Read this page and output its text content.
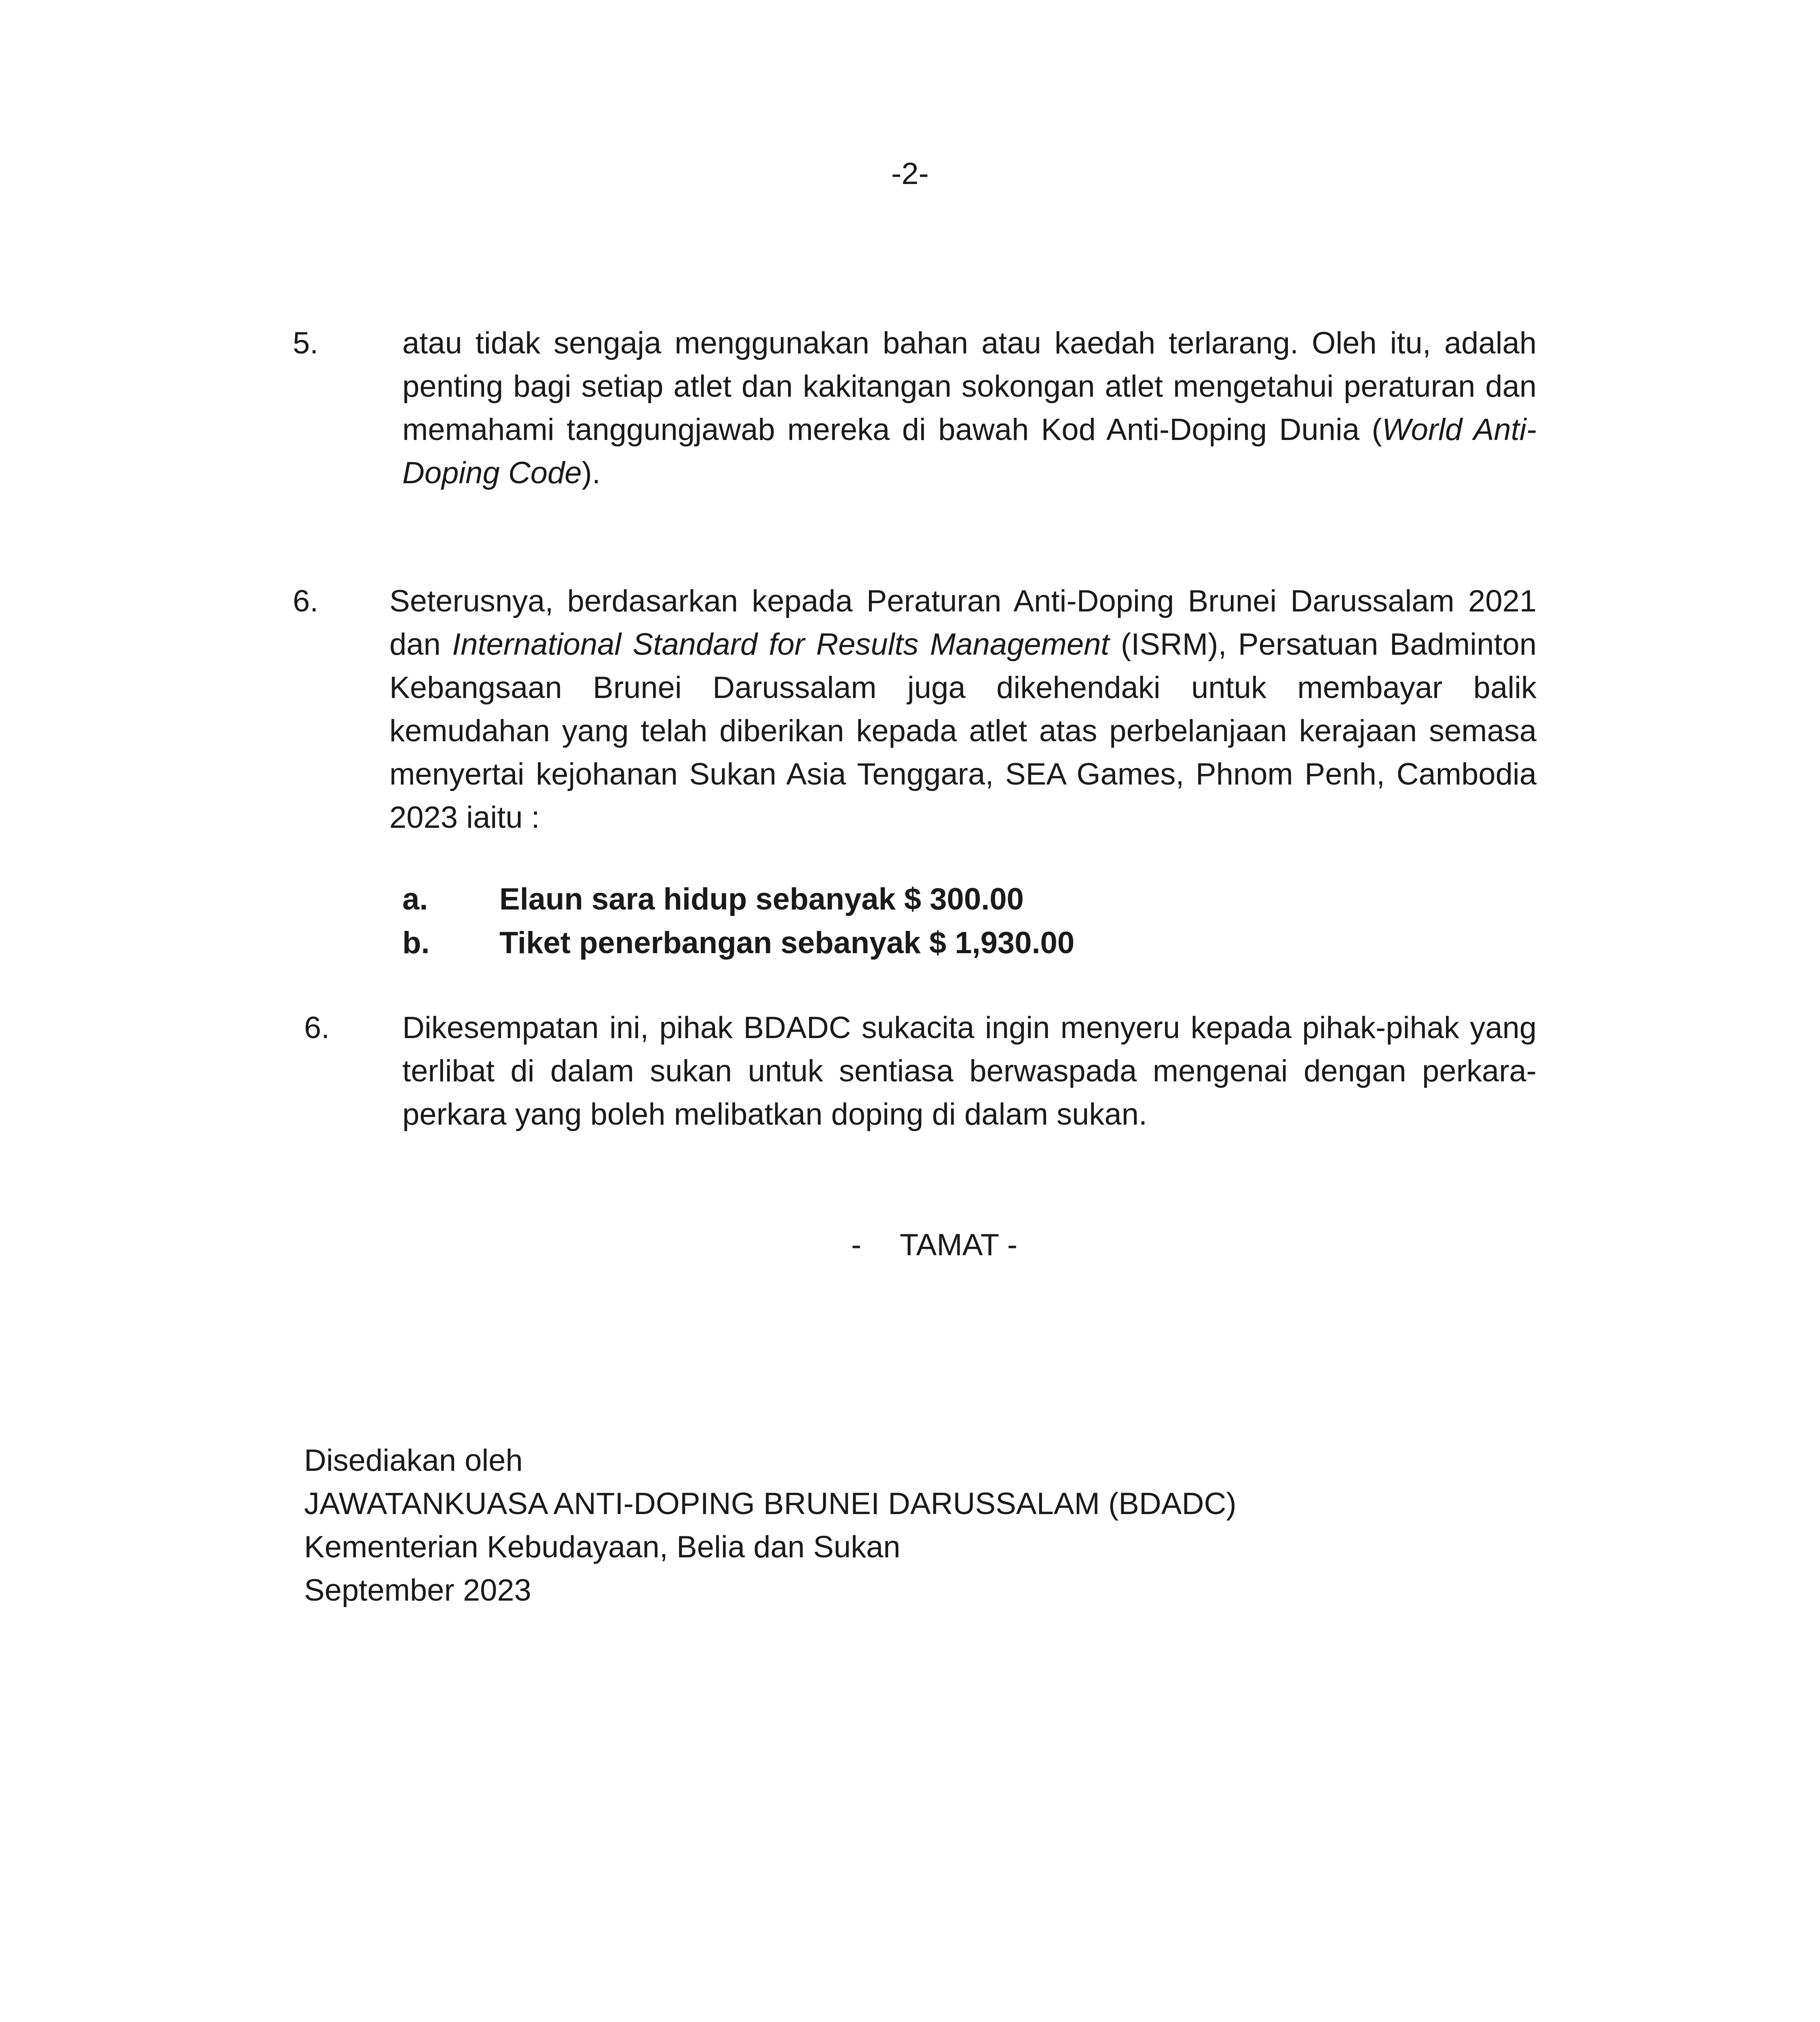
-2-
5.	atau tidak sengaja menggunakan bahan atau kaedah terlarang. Oleh itu, adalah penting bagi setiap atlet dan kakitangan sokongan atlet mengetahui peraturan dan memahami tanggungjawab mereka di bawah Kod Anti-Doping Dunia (World Anti-Doping Code).

6. Seterusnya, berdasarkan kepada Peraturan Anti-Doping Brunei Darussalam 2021 dan International Standard for Results Management (ISRM), Persatuan Badminton Kebangsaan Brunei Darussalam juga dikehendaki untuk membayar balik kemudahan yang telah diberikan kepada atlet atas perbelanjaan kerajaan semasa menyertai kejohanan Sukan Asia Tenggara, SEA Games, Phnom Penh, Cambodia 2023 iaitu :

a. Elaun sara hidup sebanyak $ 300.00
b. Tiket penerbangan sebanyak $ 1,930.00
6. Dikesempatan ini, pihak BDADC sukacita ingin menyeru kepada pihak-pihak yang terlibat di dalam sukan untuk sentiasa berwaspada mengenai dengan perkara-perkara yang boleh melibatkan doping di dalam sukan.

- TAMAT -
Disediakan oleh
JAWATANKUASA ANTI-DOPING BRUNEI DARUSSALAM (BDADC)
Kementerian Kebudayaan, Belia dan Sukan
September 2023
